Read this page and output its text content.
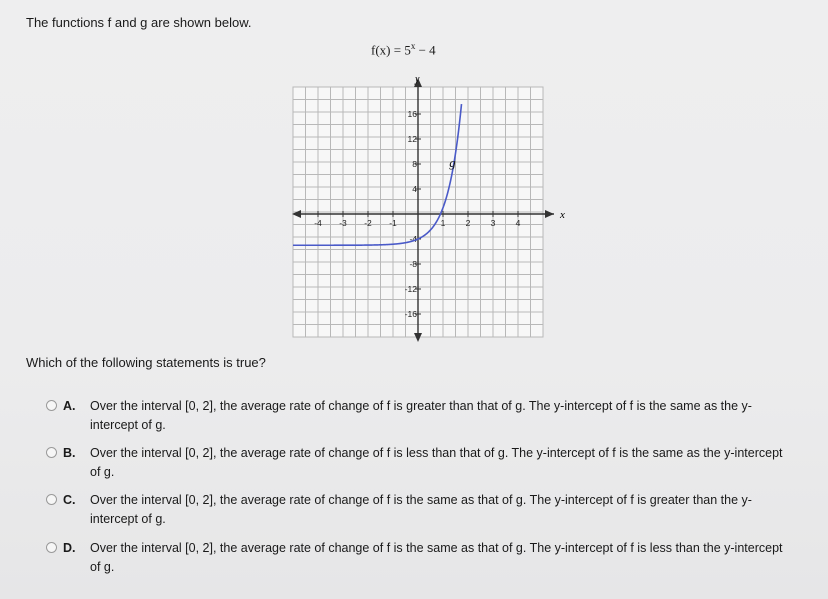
The functions f and g are shown below.
$f(x) = 5^x - 4$
x
y
-4 -3 -2 -1	1 2 3 4
16
12
8
4
-4
-8
-12
-16
g
Which of the following statements is true?
A. Over the interval [0, 2], the average rate of change of f is greater than that of g. The y-intercept of f is the same as the y-intercept of g.
B. Over the interval [0, 2], the average rate of change of f is less than that of g. The y-intercept of f is the same as the y-intercept of g.
C. Over the interval [0, 2], the average rate of change of f is the same as that of g. The y-intercept of f is greater than the y-intercept of g.
D. Over the interval [0, 2], the average rate of change of f is the same as that of g. The y-intercept of f is less than the y-intercept of g.
